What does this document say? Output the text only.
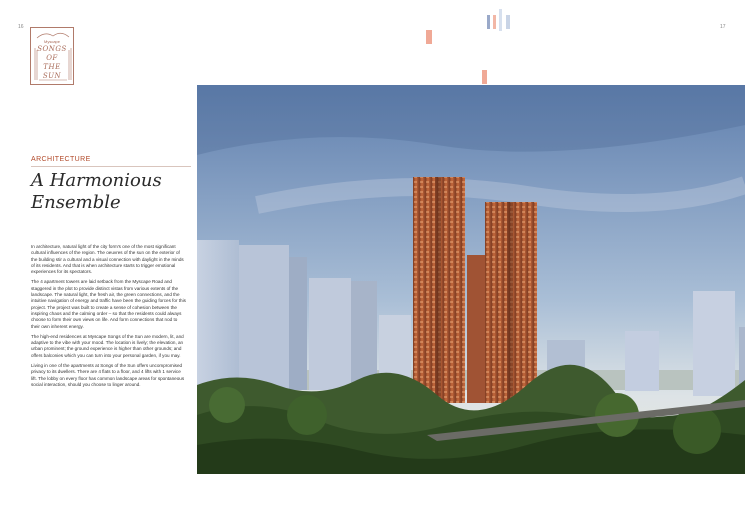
16	17
Myscape
SONGS
OF
THE
SUN
ARCHITECTURE
A Harmonious
Ensemble

In architecture, natural light of the city form's one of the most significant cultural influences of the region. The oeuvres of the sun on the exterior of the building stir a cultural and a visual connection with daylight in the minds of its residents. And that is when architecture starts to trigger emotional experiences for its spectators.

The 4 apartment towers are laid setback from the Myscape Road and staggered in the plot to provide distinct vistas from various extents of the landscape. The natural light, the fresh air, the green connections, and the intuitive navigation of energy and traffic have been the guiding forces for this project. The project was built to create a sense of cohesion between the inspiring chaos and the calming order – so that the residents could always choose to form their own views on life. And form connections that nod to their own inherent energy.

The high-end residences at Myscape Songs of the Sun are modern, lit, and adaptive to the vibe with your mood. The location is lively; the elevation, an urban prominent; the ground experience is higher than other grounds; and offers balconies which you can turn into your personal garden, if you may.

Living in one of the apartments at Songs of the Sun offers uncompromised privacy to its dwellers. There are 4 flats to a floor, and 4 lifts with 1 service lift. The lobby on every floor has common landscape areas for spontaneous social interaction, should you choose to linger around.
